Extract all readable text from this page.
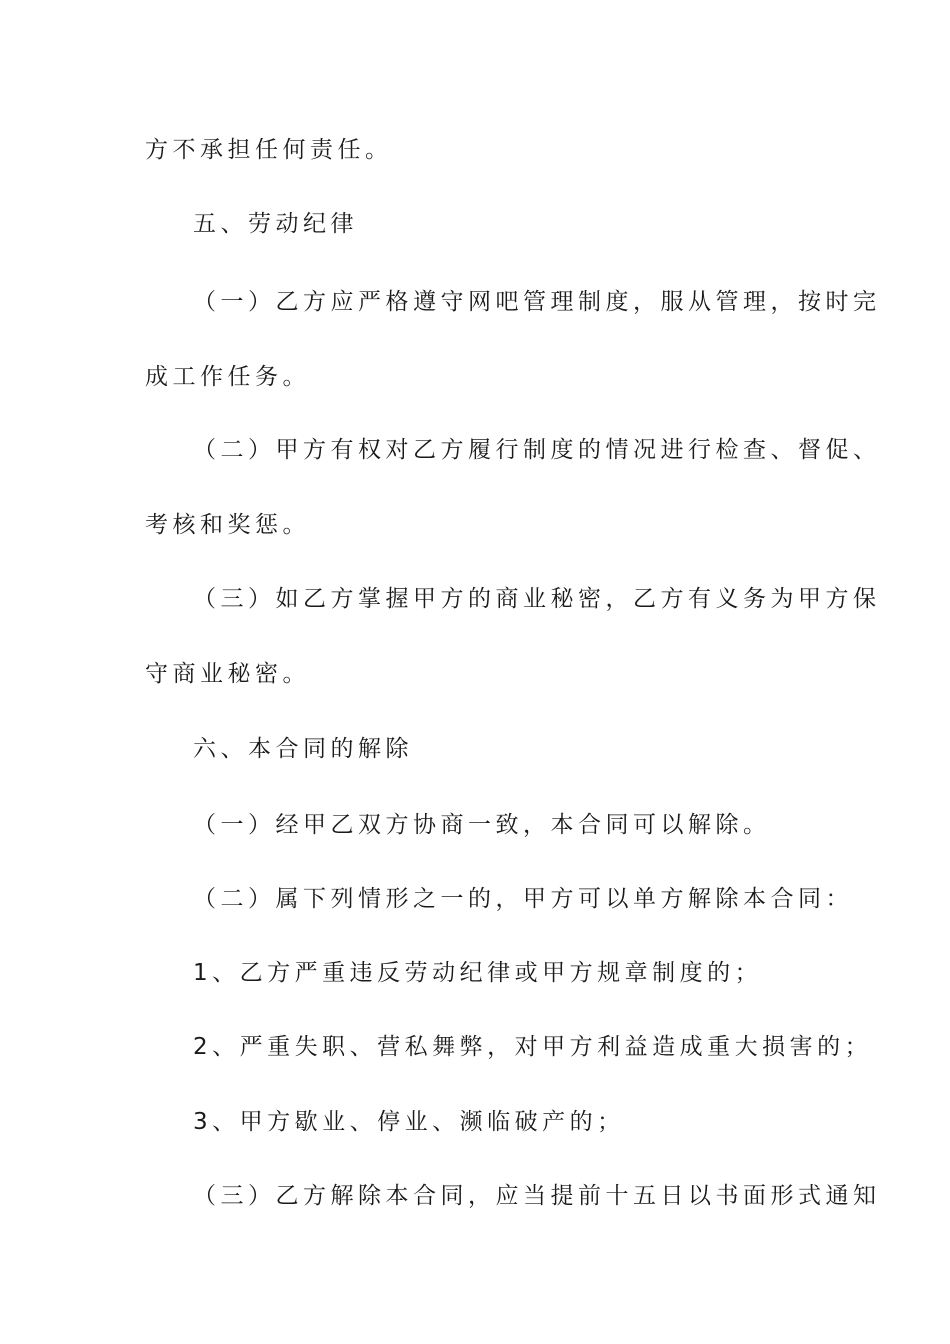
方不承担任何责任。
五、劳动纪律
（一）乙方应严格遵守网吧管理制度，服从管理，按时完
成工作任务。
（二）甲方有权对乙方履行制度的情况进行检查、督促、
考核和奖惩。
（三）如乙方掌握甲方的商业秘密，乙方有义务为甲方保
守商业秘密。
六、本合同的解除
（一）经甲乙双方协商一致，本合同可以解除。
（二）属下列情形之一的，甲方可以单方解除本合同：
1、乙方严重违反劳动纪律或甲方规章制度的；
2、严重失职、营私舞弊，对甲方利益造成重大损害的；
3、甲方歇业、停业、濒临破产的；
（三）乙方解除本合同，应当提前十五日以书面形式通知
